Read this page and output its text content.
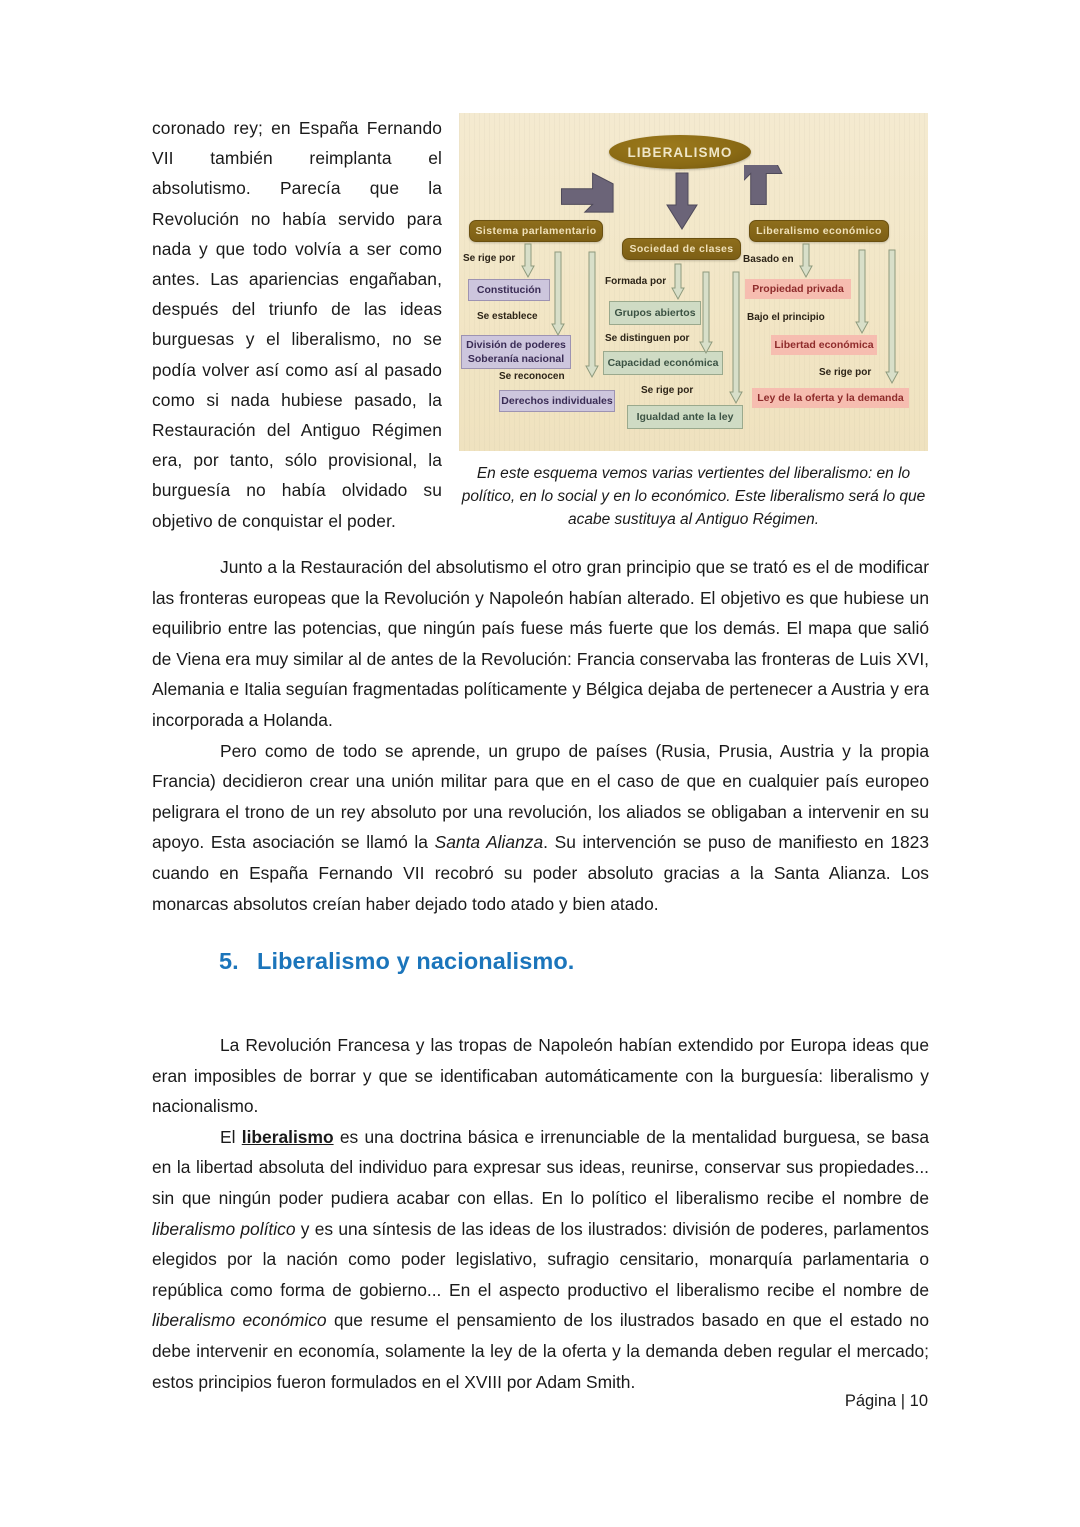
coronado rey; en España Fernando VII también reimplanta el absolutismo. Parecía que la Revolución no había servido para nada y que todo volvía a ser como antes. Las apariencias engañaban, después del triunfo de las ideas burguesas y el liberalismo, no se podía volver así como así al pasado como si nada hubiese pasado, la Restauración del Antiguo Régimen era, por tanto, sólo provisional, la burguesía no había olvidado su objetivo de conquistar el poder.
LIBERALISMO
Sistema parlamentario
Se rige por
Constitución
Se establece
División de poderes
Soberanía nacional
Se reconocen
Derechos individuales
Sociedad de clases
Formada por
Grupos abiertos
Se distinguen por
Capacidad económica
Se rige por
Igualdad ante la ley
Liberalismo económico
Basado en
Propiedad privada
Bajo el principio
Libertad económica
Se rige por
Ley de la oferta y la demanda
En este esquema vemos varias vertientes del liberalismo: en lo político, en lo social y en lo económico. Este liberalismo será lo que acabe sustituya al Antiguo Régimen.

Junto a la Restauración del absolutismo el otro gran principio que se trató es el de modificar las fronteras europeas que la Revolución y Napoleón habían alterado. El objetivo es que hubiese un equilibrio entre las potencias, que ningún país fuese más fuerte que los demás. El mapa que salió de Viena era muy similar al de antes de la Revolución: Francia conservaba las fronteras de Luis XVI, Alemania e Italia seguían fragmentadas políticamente y Bélgica dejaba de pertenecer a Austria y era incorporada a Holanda.

Pero como de todo se aprende, un grupo de países (Rusia, Prusia, Austria y la propia Francia) decidieron crear una unión militar para que en el caso de que en cualquier país europeo peligrara el trono de un rey absoluto por una revolución, los aliados se obligaban a intervenir en su apoyo. Esta asociación se llamó la Santa Alianza. Su intervención se puso de manifiesto en 1823 cuando en España Fernando VII recobró su poder absoluto gracias a la Santa Alianza. Los monarcas absolutos creían haber dejado todo atado y bien atado.

5. Liberalismo y nacionalismo.

La Revolución Francesa y las tropas de Napoleón habían extendido por Europa ideas que eran imposibles de borrar y que se identificaban automáticamente con la burguesía: liberalismo y nacionalismo.

El liberalismo es una doctrina básica e irrenunciable de la mentalidad burguesa, se basa en la libertad absoluta del individuo para expresar sus ideas, reunirse, conservar sus propiedades... sin que ningún poder pudiera acabar con ellas. En lo político el liberalismo recibe el nombre de liberalismo político y es una síntesis de las ideas de los ilustrados: división de poderes, parlamentos elegidos por la nación como poder legislativo, sufragio censitario, monarquía parlamentaria o república como forma de gobierno... En el aspecto productivo el liberalismo recibe el nombre de liberalismo económico que resume el pensamiento de los ilustrados basado en que el estado no debe intervenir en economía, solamente la ley de la oferta y la demanda deben regular el mercado; estos principios fueron formulados en el XVIII por Adam Smith.

Página | 10
